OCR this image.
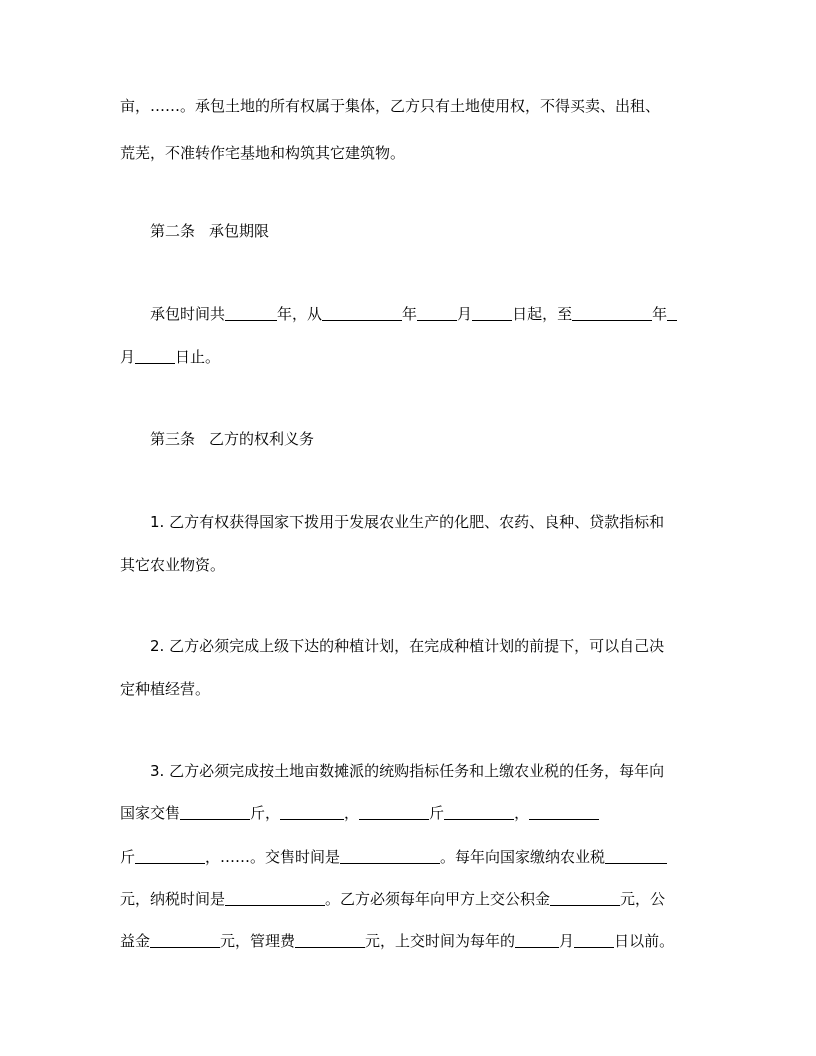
亩，……。承包土地的所有权属于集体，乙方只有土地使用权，不得买卖、出租、
荒芜，不准转作宅基地和构筑其它建筑物。
第二条 承包期限
承包时间共	年，从	年	月	日起，至	年
月	日止。
第三条 乙方的权利义务
1. 乙方有权获得国家下拨用于发展农业生产的化肥、农药、良种、贷款指标和
其它农业物资。
2. 乙方必须完成上级下达的种植计划，在完成种植计划的前提下，可以自己决
定种植经营。
3. 乙方必须完成按土地亩数摊派的统购指标任务和上缴农业税的任务，每年向
国家交售	斤，	，	斤	，
斤	，……。交售时间是	。每年向国家缴纳农业税
元，纳税时间是	。乙方必须每年向甲方上交公积金	元，公
益金	元，管理费	元，上交时间为每年的	月	日以前。
